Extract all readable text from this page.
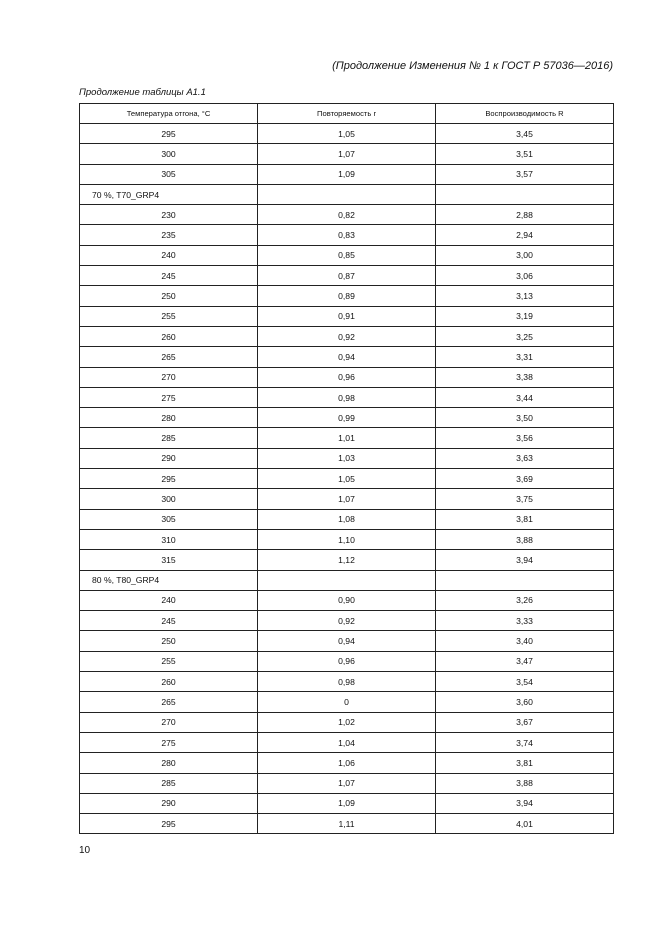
(Продолжение Изменения № 1 к ГОСТ Р 57036—2016)
Продолжение таблицы А1.1
Температура отгона, °С	Повторяемость r	Воспроизводимость R
295	1,05	3,45
300	1,07	3,51
305	1,09	3,57
70 %, T70_GRP4		
230	0,82	2,88
235	0,83	2,94
240	0,85	3,00
245	0,87	3,06
250	0,89	3,13
255	0,91	3,19
260	0,92	3,25
265	0,94	3,31
270	0,96	3,38
275	0,98	3,44
280	0,99	3,50
285	1,01	3,56
290	1,03	3,63
295	1,05	3,69
300	1,07	3,75
305	1,08	3,81
310	1,10	3,88
315	1,12	3,94
80 %, T80_GRP4		
240	0,90	3,26
245	0,92	3,33
250	0,94	3,40
255	0,96	3,47
260	0,98	3,54
265	0	3,60
270	1,02	3,67
275	1,04	3,74
280	1,06	3,81
285	1,07	3,88
290	1,09	3,94
295	1,11	4,01
10
